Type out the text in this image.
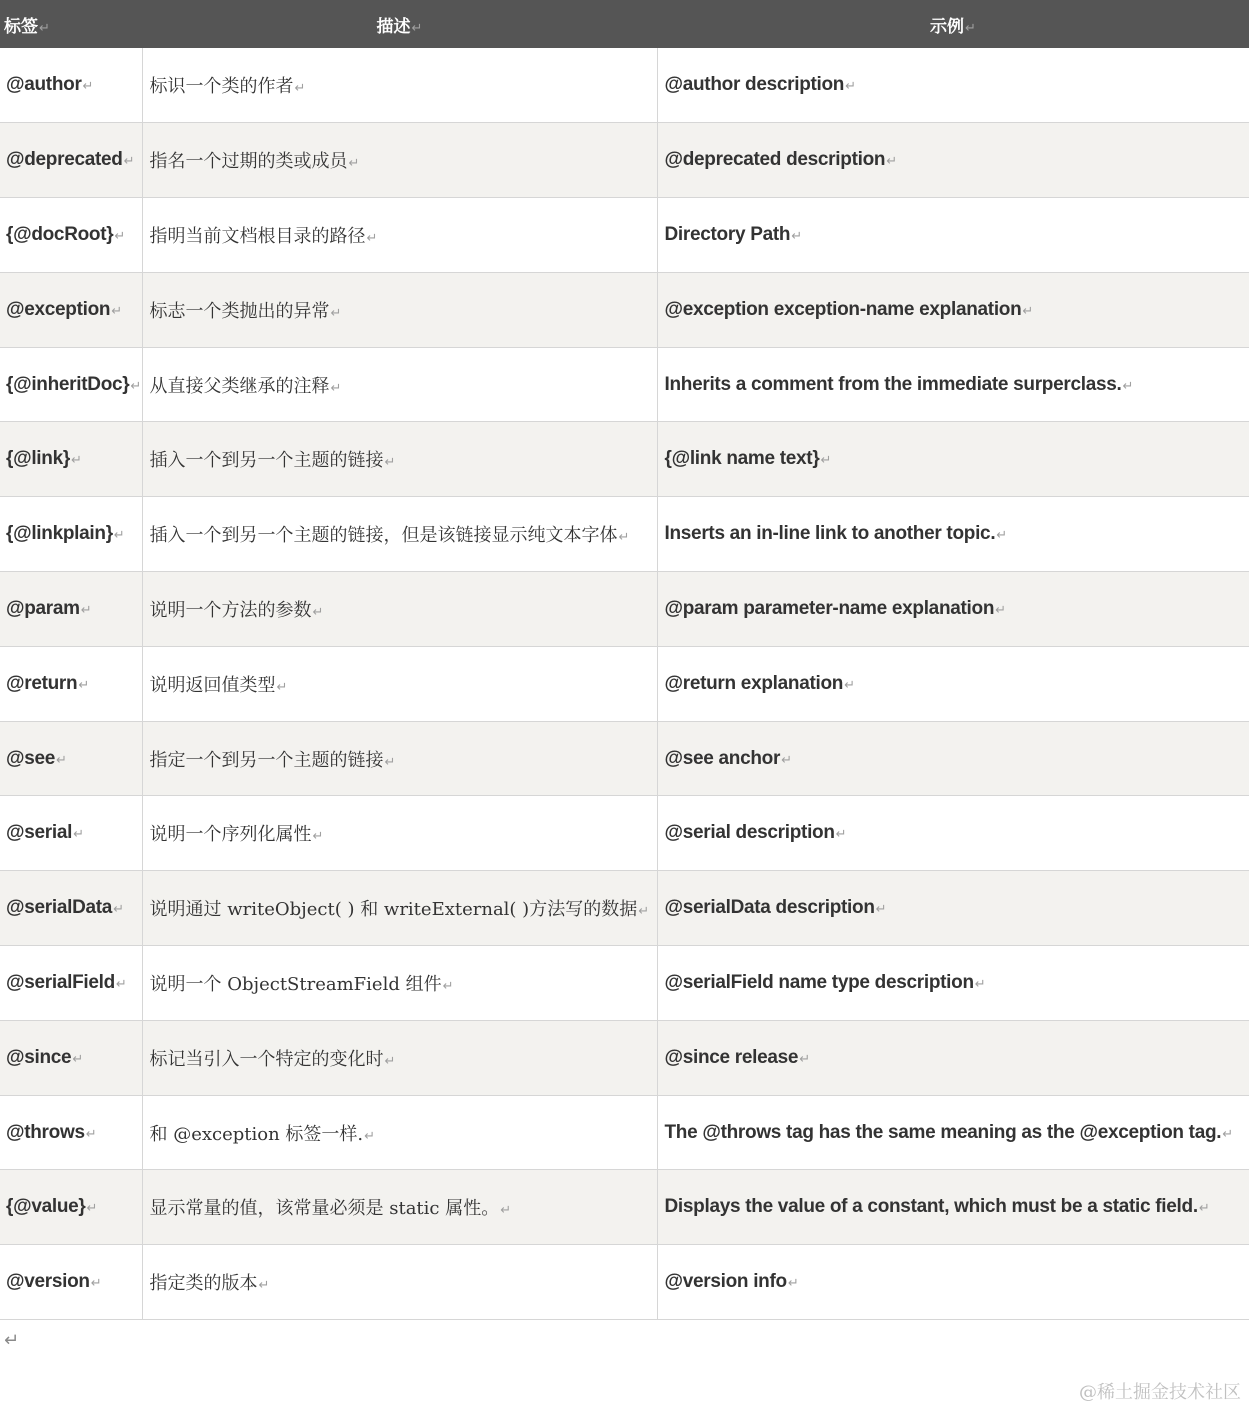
标签↵	描述↵	示例↵
@author↵	标识一个类的作者↵	@author description↵
@deprecated↵	指名一个过期的类或成员↵	@deprecated description↵
{@docRoot}↵	指明当前文档根目录的路径↵	Directory Path↵
@exception↵	标志一个类抛出的异常↵	@exception exception-name explanation↵
{@inheritDoc}↵	从直接父类继承的注释↵	Inherits a comment from the immediate surperclass.↵
{@link}↵	插入一个到另一个主题的链接↵	{@link name text}↵
{@linkplain}↵	插入一个到另一个主题的链接，但是该链接显示纯文本字体↵	Inserts an in-line link to another topic.↵
@param↵	说明一个方法的参数↵	@param parameter-name explanation↵
@return↵	说明返回值类型↵	@return explanation↵
@see↵	指定一个到另一个主题的链接↵	@see anchor↵
@serial↵	说明一个序列化属性↵	@serial description↵
@serialData↵	说明通过 writeObject( ) 和 writeExternal( )方法写的数据↵	@serialData description↵
@serialField↵	说明一个 ObjectStreamField 组件↵	@serialField name type description↵
@since↵	标记当引入一个特定的变化时↵	@since release↵
@throws↵	和 @exception 标签一样.↵	The @throws tag has the same meaning as the @exception tag.↵
{@value}↵	显示常量的值，该常量必须是 static 属性。↵	Displays the value of a constant, which must be a static field.↵
@version↵	指定类的版本↵	@version info↵
↵
@稀土掘金技术社区
